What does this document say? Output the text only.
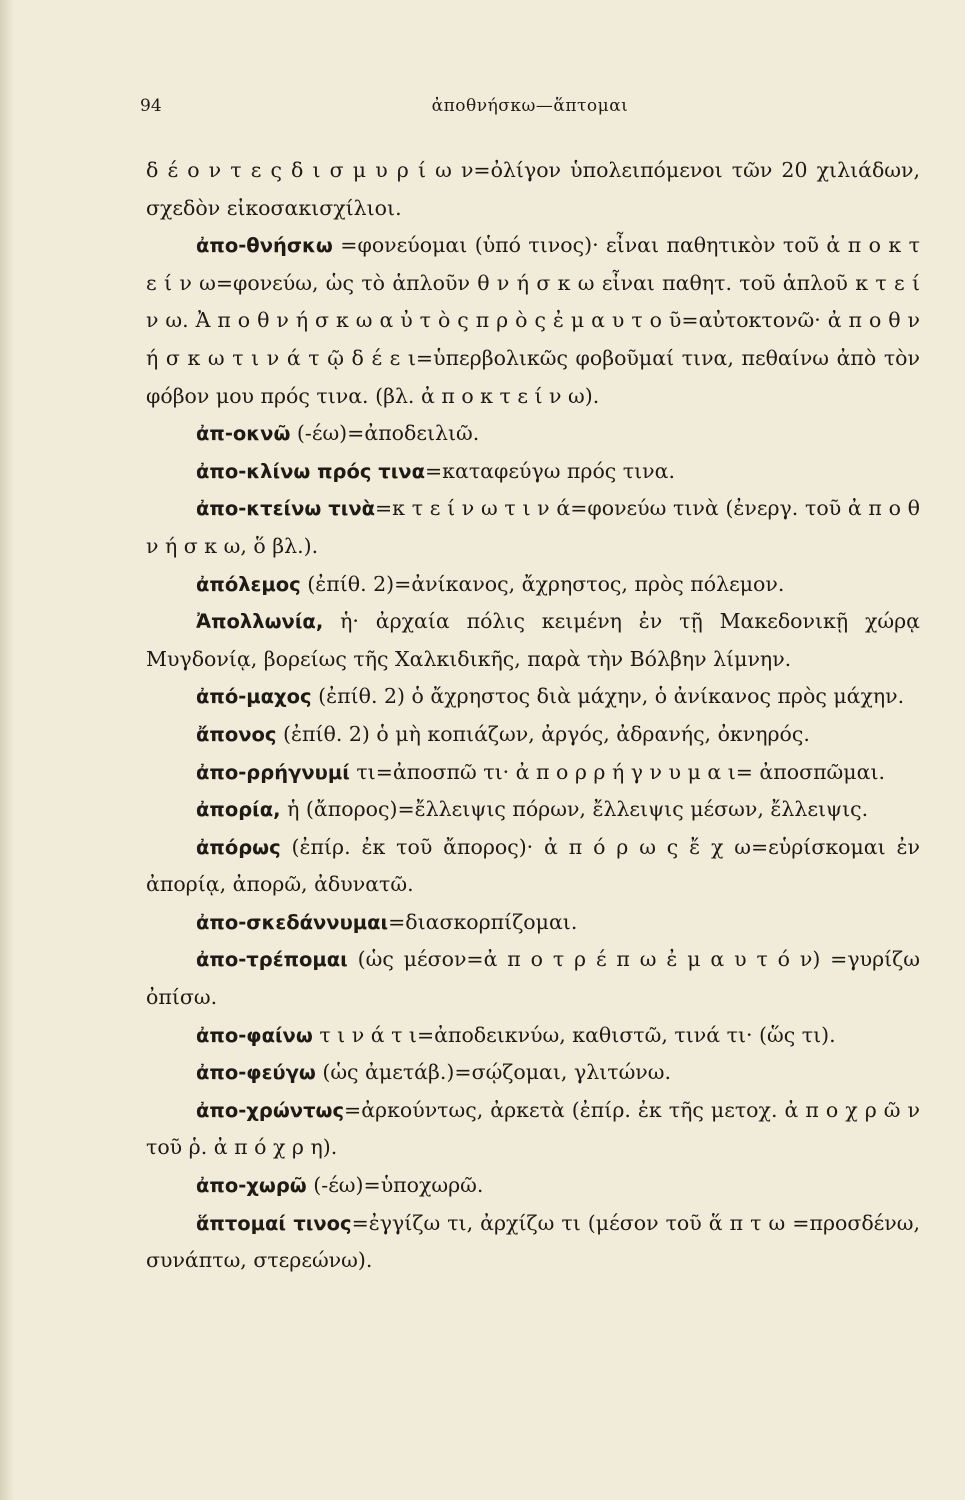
94	ἀποθνήσκω—ἅπτομαι

δ έ ο ν τ ε ς δ ι σ μ υ ρ ί ω ν=ὀλίγον ὑπολειπόμενοι τῶν 20 χιλιάδων, σχεδὸν εἰκοσακισχίλιοι.

ἀπο-θνήσκω =φονεύομαι (ὑπό τινος)· εἶναι παθητικὸν τοῦ ἀ π ο κ τ ε ί ν ω=φονεύω, ὡς τὸ ἁπλοῦν θ ν ή σ κ ω εἶναι παθητ. τοῦ ἁπλοῦ κ τ ε ί ν ω. Ἀ π ο θ ν ή σ κ ω α ὐ τ ὸ ς π ρ ὸ ς ἐ μ α υ τ ο ῦ=αὐτοκτονῶ· ἀ π ο θ ν ή σ κ ω τ ι ν ά τ ῷ δ έ ε ι=ὑπερβολικῶς φοβοῦμαί τινα, πεθαίνω ἀπὸ τὸν φόβον μου πρός τινα. (βλ. ἀ π ο κ τ ε ί ν ω).

ἀπ-οκνῶ (-έω)=ἀποδειλιῶ.

ἀπο-κλίνω πρός τινα=καταφεύγω πρός τινα.

ἀπο-κτείνω τινὰ=κ τ ε ί ν ω τ ι ν ά=φονεύω τινὰ (ἐνεργ. τοῦ ἀ π ο θ ν ή σ κ ω, ὅ βλ.).

ἀπόλεμος (ἐπίθ. 2)=ἀνίκανος, ἄχρηστος, πρὸς πόλεμον.

Ἀπολλωνία, ἡ· ἀρχαία πόλις κειμένη ἐν τῇ Μακεδονικῇ χώρᾳ Μυγδονίᾳ, βορείως τῆς Χαλκιδικῆς, παρὰ τὴν Βόλβην λίμνην.

ἀπό-μαχος (ἐπίθ. 2) ὁ ἄχρηστος διὰ μάχην, ὁ ἀνίκανος πρὸς μάχην.

ἄπονος (ἐπίθ. 2) ὁ μὴ κοπιάζων, ἀργός, ἀδρανής, ὀκνηρός.

ἀπο-ρρήγνυμί τι=ἀποσπῶ τι· ἀ π ο ρ ρ ή γ ν υ μ α ι= ἀποσπῶμαι.

ἀπορία, ἡ (ἄπορος)=ἔλλειψις πόρων, ἔλλειψις μέσων, ἔλλειψις.

ἀπόρως (ἐπίρ. ἐκ τοῦ ἄπορος)· ἀ π ό ρ ω ς ἔ χ ω=εὑρίσκομαι ἐν ἀπορίᾳ, ἀπορῶ, ἀδυνατῶ.

ἀπο-σκεδάννυμαι=διασκορπίζομαι.

ἀπο-τρέπομαι (ὡς μέσον=ἀ π ο τ ρ έ π ω ἐ μ α υ τ ό ν) =γυρίζω ὀπίσω.

ἀπο-φαίνω τ ι ν ά τ ι=ἀποδεικνύω, καθιστῶ, τινά τι· (ὥς τι).

ἀπο-φεύγω (ὡς ἀμετάβ.)=σῴζομαι, γλιτώνω.

ἀπο-χρώντως=ἀρκούντως, ἀρκετὰ (ἐπίρ. ἐκ τῆς μετοχ. ἀ π ο χ ρ ῶ ν τοῦ ῥ. ἀ π ό χ ρ η).

ἀπο-χωρῶ (-έω)=ὑποχωρῶ.

ἅπτομαί τινος=ἐγγίζω τι, ἀρχίζω τι (μέσον τοῦ ἅ π τ ω =προσδένω, συνάπτω, στερεώνω).
